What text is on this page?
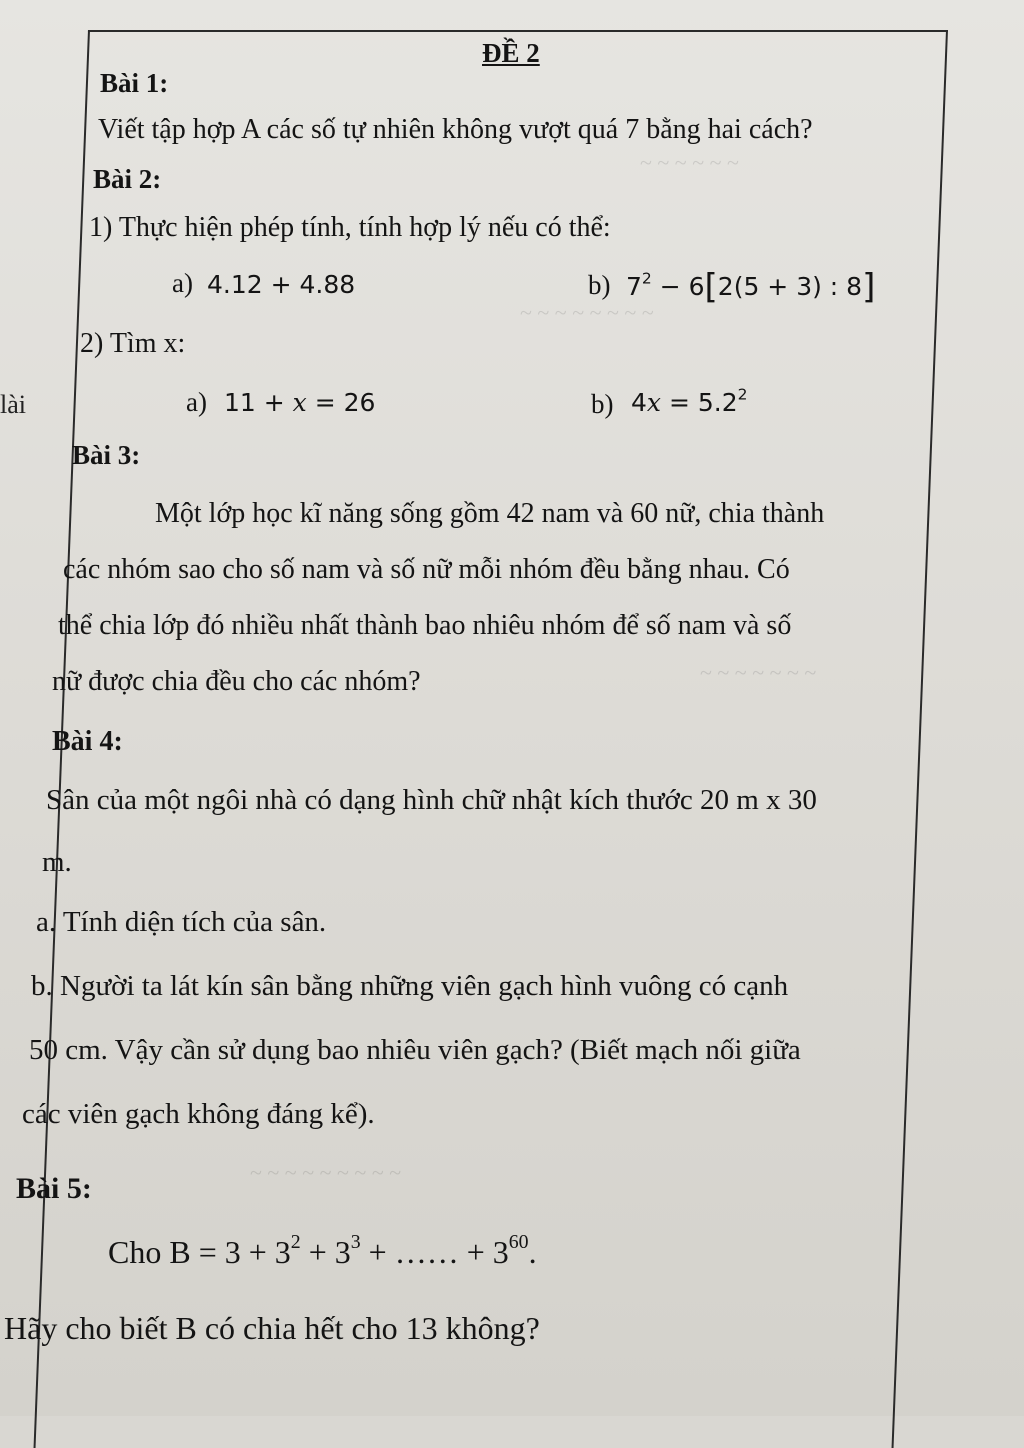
~ ~ ~ ~ ~ ~
~ ~ ~ ~ ~ ~ ~ ~
~ ~ ~ ~ ~ ~ ~
~ ~ ~ ~ ~ ~ ~ ~ ~
lài
ĐỀ 2
Bài 1:
Viết tập hợp A các số tự nhiên không vượt quá 7 bằng hai cách?
Bài 2:
1) Thực hiện phép tính, tính hợp lý nếu có thể:
a) 4.12 + 4.88	b) $7^2 - 6[2(5 + 3)$ : 8]
2) Tìm x:
a) 11 + x = 26	b) $4x = 5.2^2$
Bài 3:
Một lớp học kĩ năng sống gồm 42 nam và 60 nữ, chia thành
các nhóm sao cho số nam và số nữ mỗi nhóm đều bằng nhau. Có
thể chia lớp đó nhiều nhất thành bao nhiêu nhóm để số nam và số
nữ được chia đều cho các nhóm?
Bài 4:
Sân của một ngôi nhà có dạng hình chữ nhật kích thước 20 m x 30
m.
a. Tính diện tích của sân.
b. Người ta lát kín sân bằng những viên gạch hình vuông có cạnh
50 cm. Vậy cần sử dụng bao nhiêu viên gạch? (Biết mạch nối giữa
các viên gạch không đáng kể).
Bài 5:
Cho $B = 3 + 3^2 + 3^3$ + …… + $3^{60}$.
Hãy cho biết B có chia hết cho 13 không?
